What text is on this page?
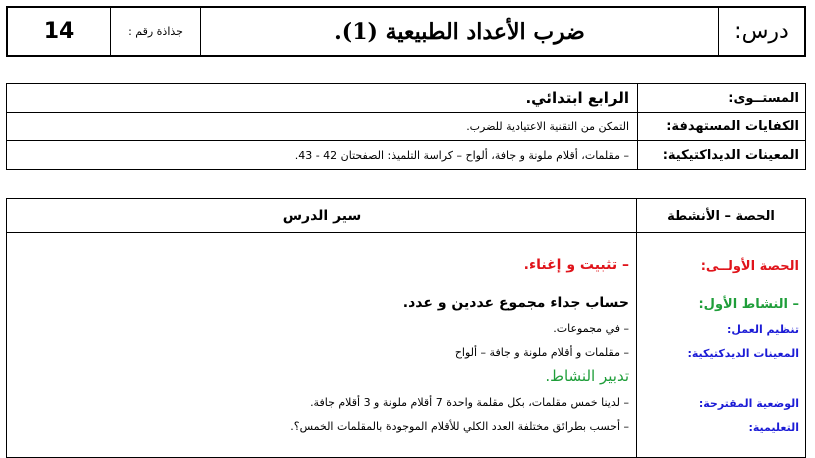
درس:
ضرب الأعداد الطبيعية (1).
جذاذة رقم :
14
المستــوى:
الرابع ابتدائي.
الكفايات المستهدفة:
التمكن من التقنية الاعتيادية للضرب.
المعينات الديداكتيكية:
– مقلمات، أقلام ملونة و جافة، ألواح – كراسة التلميذ: الصفحتان 42 - 43.
الحصة – الأنشطة
سير الدرس
الحصة الأولــى:
– تثبيت و إغناء.
– النشاط الأول:
حساب جداء مجموع عددين و عدد.
تنظيم العمل:
– في مجموعات.
المعينات الديدكتيكية:
– مقلمات و أقلام ملونة و جافة – ألواح
تدبير النشاط.
الوضعية المقترحة:
– لدينا خمس مقلمات، بكل مقلمة واحدة 7 أقلام ملونة و 3 أقلام جافة.
التعليمية:
– أحسب بطرائق مختلفة العدد الكلي للأقلام الموجودة بالمقلمات الخمس؟.
